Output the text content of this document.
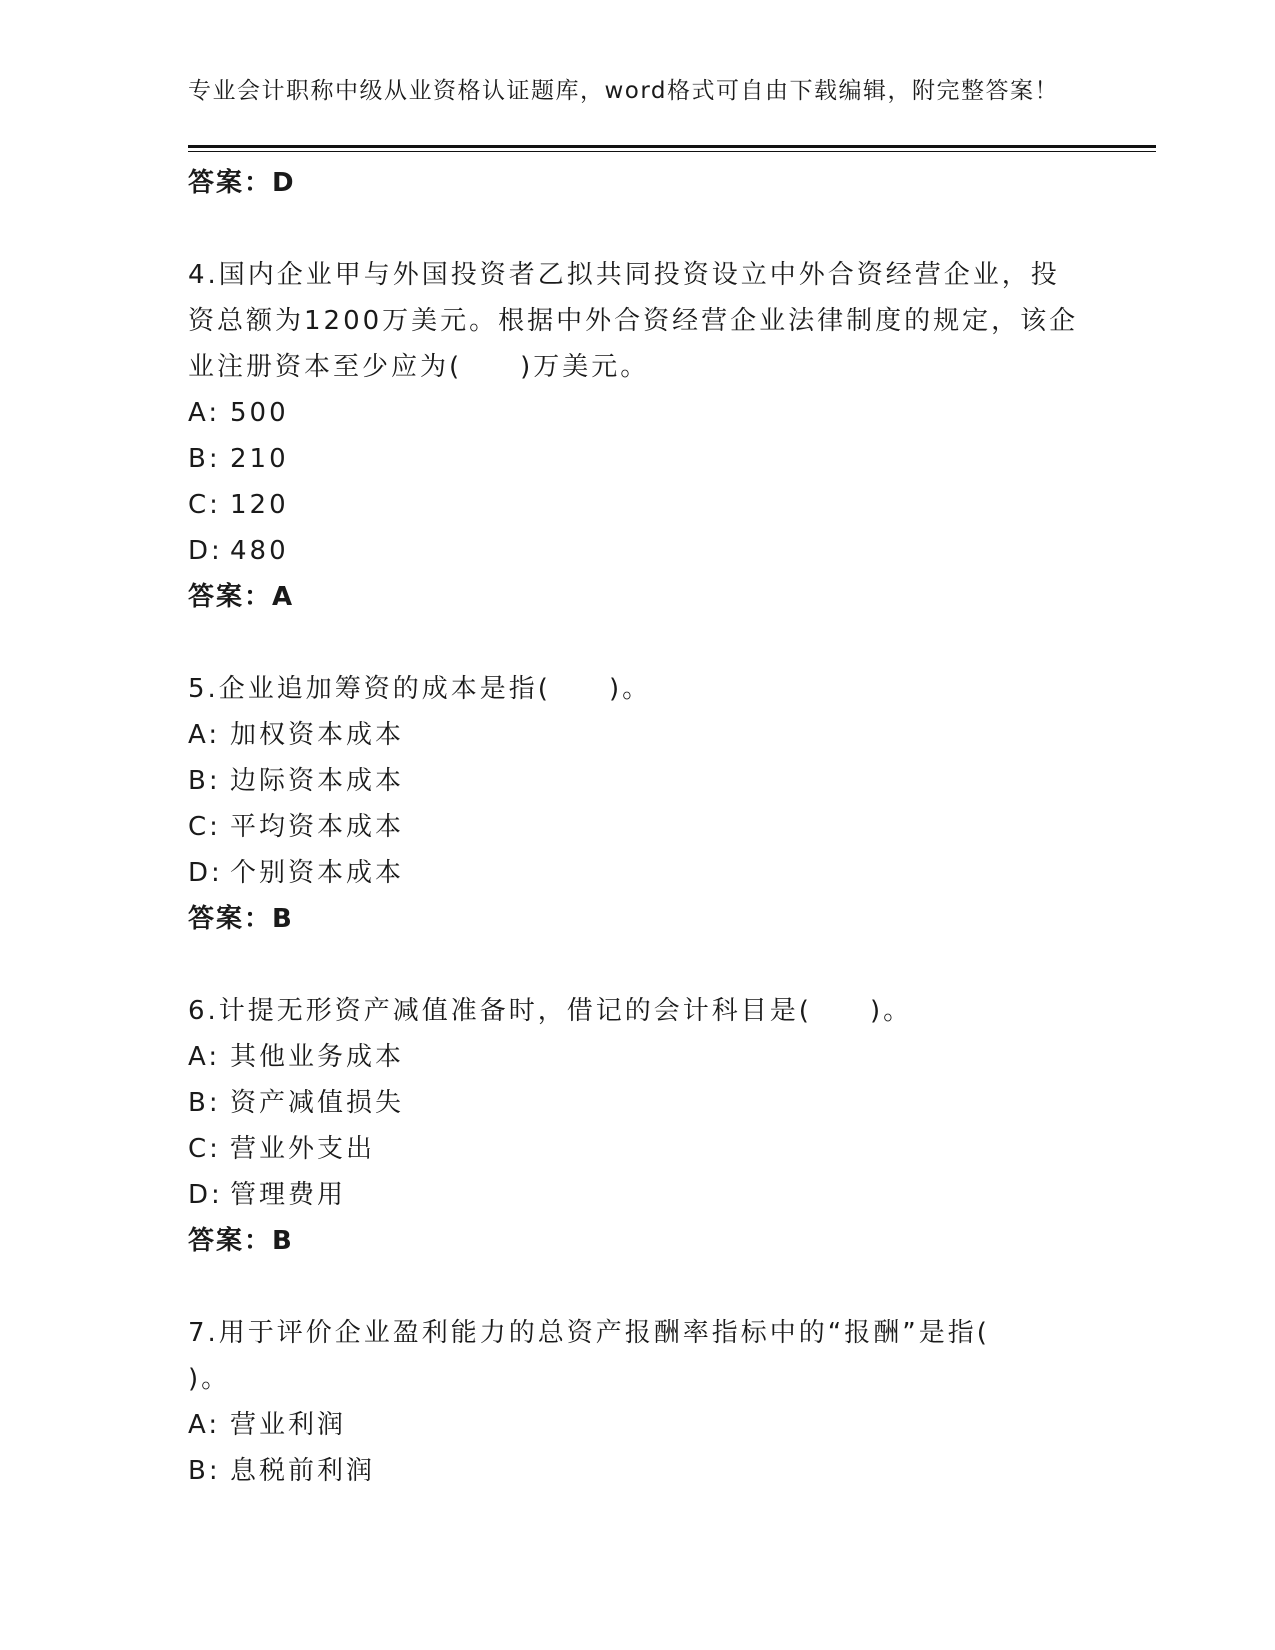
专业会计职称中级从业资格认证题库，word格式可自由下载编辑，附完整答案！
答案：D
4.国内企业甲与外国投资者乙拟共同投资设立中外合资经营企业，投
资总额为1200万美元。根据中外合资经营企业法律制度的规定，该企
业注册资本至少应为(　　)万美元。
A: 500
B: 210
C: 120
D: 480
答案：A
5.企业追加筹资的成本是指(　　)。
A: 加权资本成本
B: 边际资本成本
C: 平均资本成本
D: 个别资本成本
答案：B
6.计提无形资产减值准备时，借记的会计科目是(　　)。
A: 其他业务成本
B: 资产减值损失
C: 营业外支出
D: 管理费用
答案：B
7.用于评价企业盈利能力的总资产报酬率指标中的“报酬”是指(
)。
A: 营业利润
B: 息税前利润
